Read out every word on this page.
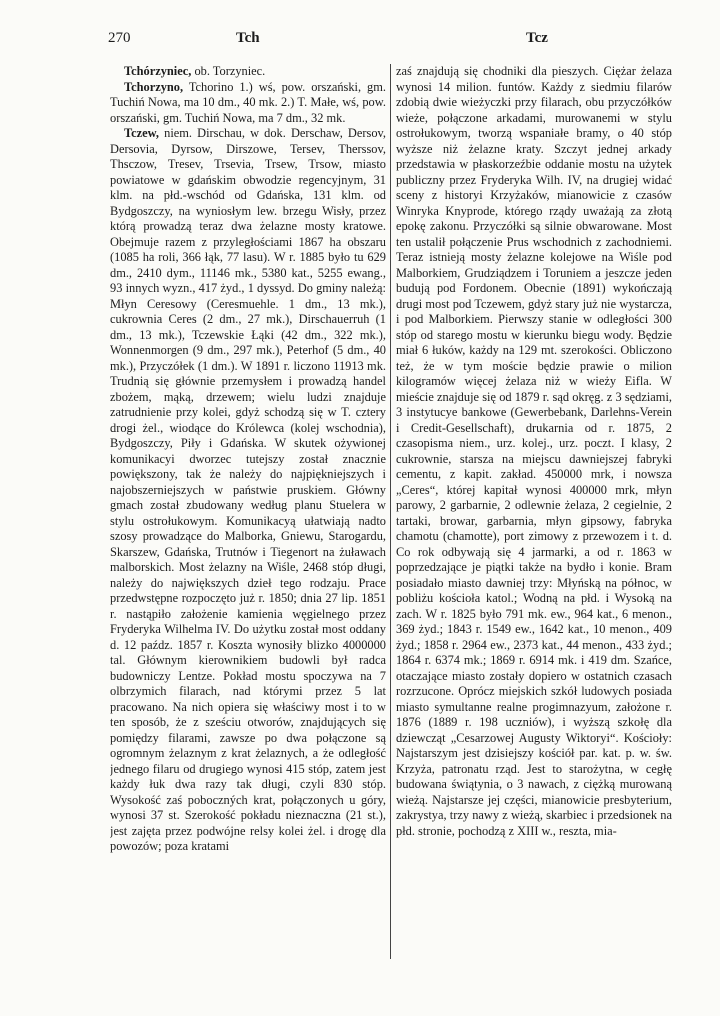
270	Tch	Tcz

Tchórzyniec, ob. Torzyniec.

Tchorzyno, Tchorino 1.) wś, pow. orszański, gm. Tuchiń Nowa, ma 10 dm., 40 mk. 2.) T. Małe, wś, pow. orszański, gm. Tuchiń Nowa, ma 7 dm., 32 mk.

Tczew, niem. Dirschau, w dok. Derschaw, Dersov, Dersovia, Dyrsow, Dirszowe, Tersev, Therssov, Thsczow, Tresev, Trsevia, Trsew, Trsow, miasto powiatowe w gdańskim obwodzie regencyjnym, 31 klm. na płd.-wschód od Gdańska, 131 klm. od Bydgoszczy, na wyniosłym lew. brzegu Wisły, przez którą prowadzą teraz dwa żelazne mosty kratowe. Obejmuje razem z przyległościami 1867 ha obszaru (1085 ha roli, 366 łąk, 77 lasu). W r. 1885 było tu 629 dm., 2410 dym., 11146 mk., 5380 kat., 5255 ewang., 93 innych wyzn., 417 żyd., 1 dyssyd. Do gminy należą: Młyn Ceresowy (Ceresmuehle. 1 dm., 13 mk.), cukrownia Ceres (2 dm., 27 mk.), Dirschauerruh (1 dm., 13 mk.), Tczewskie Łąki (42 dm., 322 mk.), Wonnenmorgen (9 dm., 297 mk.), Peterhof (5 dm., 40 mk.), Przyczółek (1 dm.). W 1891 r. liczono 11913 mk. Trudnią się głównie przemysłem i prowadzą handel zbożem, mąką, drzewem; wielu ludzi znajduje zatrudnienie przy kolei, gdyż schodzą się w T. cztery drogi żel., wiodące do Królewca (kolej wschodnia), Bydgoszczy, Piły i Gdańska. W skutek ożywionej komunikacyi dworzec tutejszy został znacznie powiększony, tak że należy do najpiękniejszych i najobszerniejszych w państwie pruskiem. Główny gmach został zbudowany według planu Stuelera w stylu ostrołukowym. Komunikacyą ułatwiają nadto szosy prowadzące do Malborka, Gniewu, Starogardu, Skarszew, Gdańska, Trutnów i Tiegenort na żuławach malborskich. Most żelazny na Wiśle, 2468 stóp długi, należy do największych dzieł tego rodzaju. Prace przedwstępne rozpoczęto już r. 1850; dnia 27 lip. 1851 r. nastąpiło założenie kamienia węgielnego przez Fryderyka Wilhelma IV. Do użytku został most oddany d. 12 paźdz. 1857 r. Koszta wynosiły blizko 4000000 tal. Głównym kierownikiem budowli był radca budowniczy Lentze. Pokład mostu spoczywa na 7 olbrzymich filarach, nad którymi przez 5 lat pracowano. Na nich opiera się właściwy most i to w ten sposób, że z sześciu otworów, znajdujących się pomiędzy filarami, zawsze po dwa połączone są ogromnym żelaznym z krat żelaznych, a że odległość jednego filaru od drugiego wynosi 415 stóp, zatem jest każdy łuk dwa razy tak długi, czyli 830 stóp. Wysokość zaś poboczných krat, połączonych u góry, wynosi 37 st. Szerokość pokładu nieznaczna (21 st.), jest zajęta przez podwójne relsy kolei żel. i drogę dla powozów; poza kratami

zaś znajdują się chodniki dla pieszych. Ciężar żelaza wynosi 14 milion. funtów. Każdy z siedmiu filarów zdobią dwie wieżyczki przy filarach, obu przyczółków wieże, połączone arkadami, murowanemi w stylu ostrołukowym, tworzą wspaniałe bramy, o 40 stóp wyższe niż żelazne kraty. Szczyt jednej arkady przedstawia w płaskorzeźbie oddanie mostu na użytek publiczny przez Fryderyka Wilh. IV, na drugiej widać sceny z historyi Krzyżaków, mianowicie z czasów Winryka Knyprode, którego rządy uważają za złotą epokę zakonu. Przyczółki są silnie obwarowane. Most ten ustalił połączenie Prus wschodnich z zachodniemi. Teraz istnieją mosty żelazne kolejowe na Wiśle pod Malborkiem, Grudziądzem i Toruniem a jeszcze jeden budują pod Fordonem. Obecnie (1891) wykończają drugi most pod Tczewem, gdyż stary już nie wystarcza, i pod Malborkiem. Pierwszy stanie w odległości 300 stóp od starego mostu w kierunku biegu wody. Będzie miał 6 łuków, każdy na 129 mt. szerokości. Obliczono też, że w tym moście będzie prawie o milion kilogramów więcej żelaza niż w wieży Eifla. W mieście znajduje się od 1879 r. sąd okręg. z 3 sędziami, 3 instytucye bankowe (Gewerbebank, Darlehns-Verein i Credit-Gesellschaft), drukarnia od r. 1875, 2 czasopisma niem., urz. kolej., urz. poczt. I klasy, 2 cukrownie, starsza na miejscu dawniejszej fabryki cementu, z kapit. zakład. 450000 mrk, i nowsza „Ceres“, której kapitał wynosi 400000 mrk, młyn parowy, 2 garbarnie, 2 odlewnie żelaza, 2 cegielnie, 2 tartaki, browar, garbarnia, młyn gipsowy, fabryka chamotu (chamotte), port zimowy z przewozem i t. d. Co rok odbywają się 4 jarmarki, a od r. 1863 w poprzedzające je piątki także na bydło i konie. Bram posiadało miasto dawniej trzy: Młyńską na północ, w pobliżu kościoła katol.; Wodną na płd. i Wysoką na zach. W r. 1825 było 791 mk. ew., 964 kat., 6 menon., 369 żyd.; 1843 r. 1549 ew., 1642 kat., 10 menon., 409 żyd.; 1858 r. 2964 ew., 2373 kat., 44 menon., 433 żyd.; 1864 r. 6374 mk.; 1869 r. 6914 mk. i 419 dm. Szańce, otaczające miasto zostały dopiero w ostatnich czasach rozrzucone. Oprócz miejskich szkół ludowych posiada miasto symultanne realne progimnazyum, założone r. 1876 (1889 r. 198 uczniów), i wyższą szkołę dla dziewcząt „Cesarzowej Augusty Wiktoryi“. Kościoły: Najstarszym jest dzisiejszy kościół par. kat. p. w. św. Krzyża, patronatu rząd. Jest to starożytna, w cegłę budowana świątynia, o 3 nawach, z ciężką murowaną wieżą. Najstarsze jej części, mianowicie presbyterium, zakrystya, trzy nawy z wieżą, skarbiec i przedsionek na płd. stronie, pochodzą z XIII w., reszta, mia-
